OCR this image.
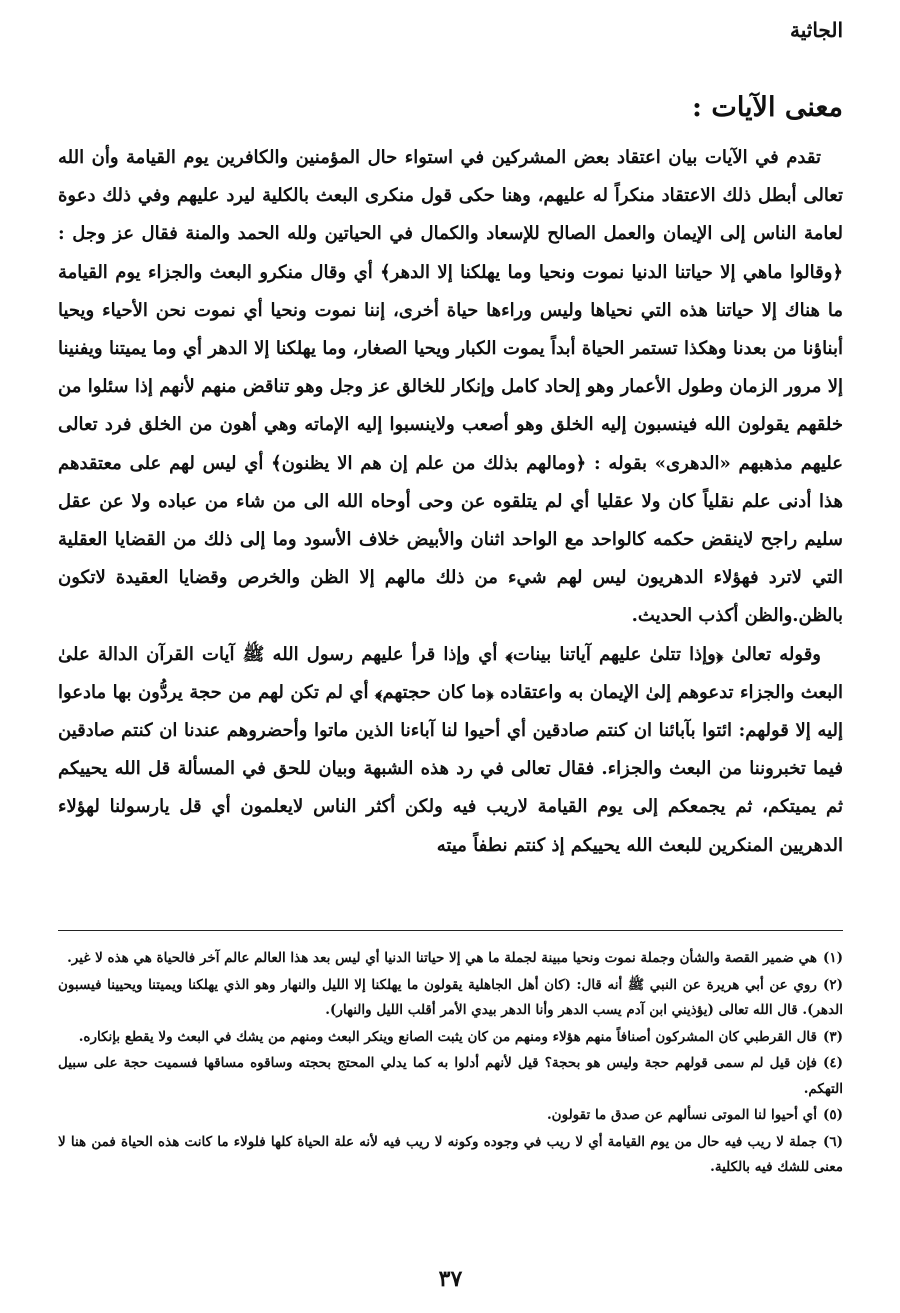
الجاثية
معنى الآيات :

تقدم في الآيات بيان اعتقاد بعض المشركين في استواء حال المؤمنين والكافرين يوم القيامة وأن الله تعالى أبطل ذلك الاعتقاد منكراً له عليهم، وهنا حكى قول منكرى البعث بالكلية ليرد عليهم وفي ذلك دعوة لعامة الناس إلى الإيمان والعمل الصالح للإسعاد والكمال في الحياتين ولله الحمد والمنة فقال عز وجل : ﴿وقالوا ماهي إلا حياتنا الدنيا نموت ونحيا وما يهلكنا إلا الدهر﴾ أي وقال منكرو البعث والجزاء يوم القيامة ما هناك إلا حياتنا هذه التي نحياها وليس وراءها حياة أخرى، إننا نموت ونحيا أي نموت نحن الأحياء ويحيا أبناؤنا من بعدنا وهكذا تستمر الحياة أبداً يموت الكبار ويحيا الصغار، وما يهلكنا إلا الدهر أي وما يميتنا ويفنينا إلا مرور الزمان وطول الأعمار وهو إلحاد كامل وإنكار للخالق عز وجل وهو تناقض منهم لأنهم إذا سئلوا من خلقهم يقولون الله فينسبون إليه الخلق وهو أصعب ولاينسبوا إليه الإماته وهي أهون من الخلق فرد تعالى عليهم مذهبهم «الدهرى» بقوله : ﴿ومالهم بذلك من علم إن هم الا يظنون﴾ أي ليس لهم على معتقدهم هذا أدنى علم نقلياً كان ولا عقليا أي لم يتلقوه عن وحى أوحاه الله الى من شاء من عباده ولا عن عقل سليم راجح لاينقض حكمه كالواحد مع الواحد اثنان والأبيض خلاف الأسود وما إلى ذلك من القضايا العقلية التي لاترد فهؤلاء الدهريون ليس لهم شيء من ذلك مالهم إلا الظن والخرص وقضايا العقيدة لاتكون بالظن.والظن أكذب الحديث.

وقوله تعالىٰ ﴿وإذا تتلىٰ عليهم آياتنا بينات﴾ أي وإذا قرأ عليهم رسول الله ﷺ آيات القرآن الدالة علىٰ البعث والجزاء تدعوهم إلىٰ الإيمان به واعتقاده ﴿ما كان حجتهم﴾ أي لم تكن لهم من حجة يردُّون بها مادعوا إليه إلا قولهم: ائتوا بآبائنا ان كنتم صادقين أي أحيوا لنا آباءنا الذين ماتوا وأحضروهم عندنا ان كنتم صادقين فيما تخبروننا من البعث والجزاء. فقال تعالى في رد هذه الشبهة وبيان للحق في المسألة قل الله يحييكم ثم يميتكم، ثم يجمعكم إلى يوم القيامة لاريب فيه ولكن أكثر الناس لايعلمون أي قل يارسولنا لهؤلاء الدهريين المنكرين للبعث الله يحييكم إذ كنتم نطفاً ميته

(١)هي ضمير القصة والشأن وجملة نموت ونحيا مبينة لجملة ما هي إلا حياتنا الدنيا أي ليس بعد هذا العالم عالم آخر فالحياة هي هذه لا غير.

(٢)روي عن أبي هريرة عن النبي ﷺ أنه قال: (كان أهل الجاهلية يقولون ما يهلكنا إلا الليل والنهار وهو الذي يهلكنا ويميتنا ويحيينا فيسبون الدهر). قال الله تعالى (يؤذيني ابن آدم يسب الدهر وأنا الدهر بيدي الأمر أقلب الليل والنهار).

(٣)قال القرطبي كان المشركون أصنافاً منهم هؤلاء ومنهم من كان يثبت الصانع وينكر البعث ومنهم من يشك في البعث ولا يقطع بإنكاره.

(٤)فإن قيل لم سمى قولهم حجة وليس هو بحجة؟ قيل لأنهم أدلوا به كما يدلي المحتج بحجته وساقوه مساقها فسميت حجة على سبيل التهكم.

(٥)أي أحيوا لنا الموتى نسألهم عن صدق ما تقولون.

(٦)جملة لا ريب فيه حال من يوم القيامة أي لا ريب في وجوده وكونه لا ريب فيه لأنه علة الحياة كلها فلولاء ما كانت هذه الحياة فمن هنا لا معنى للشك فيه بالكلية.

٣٧
